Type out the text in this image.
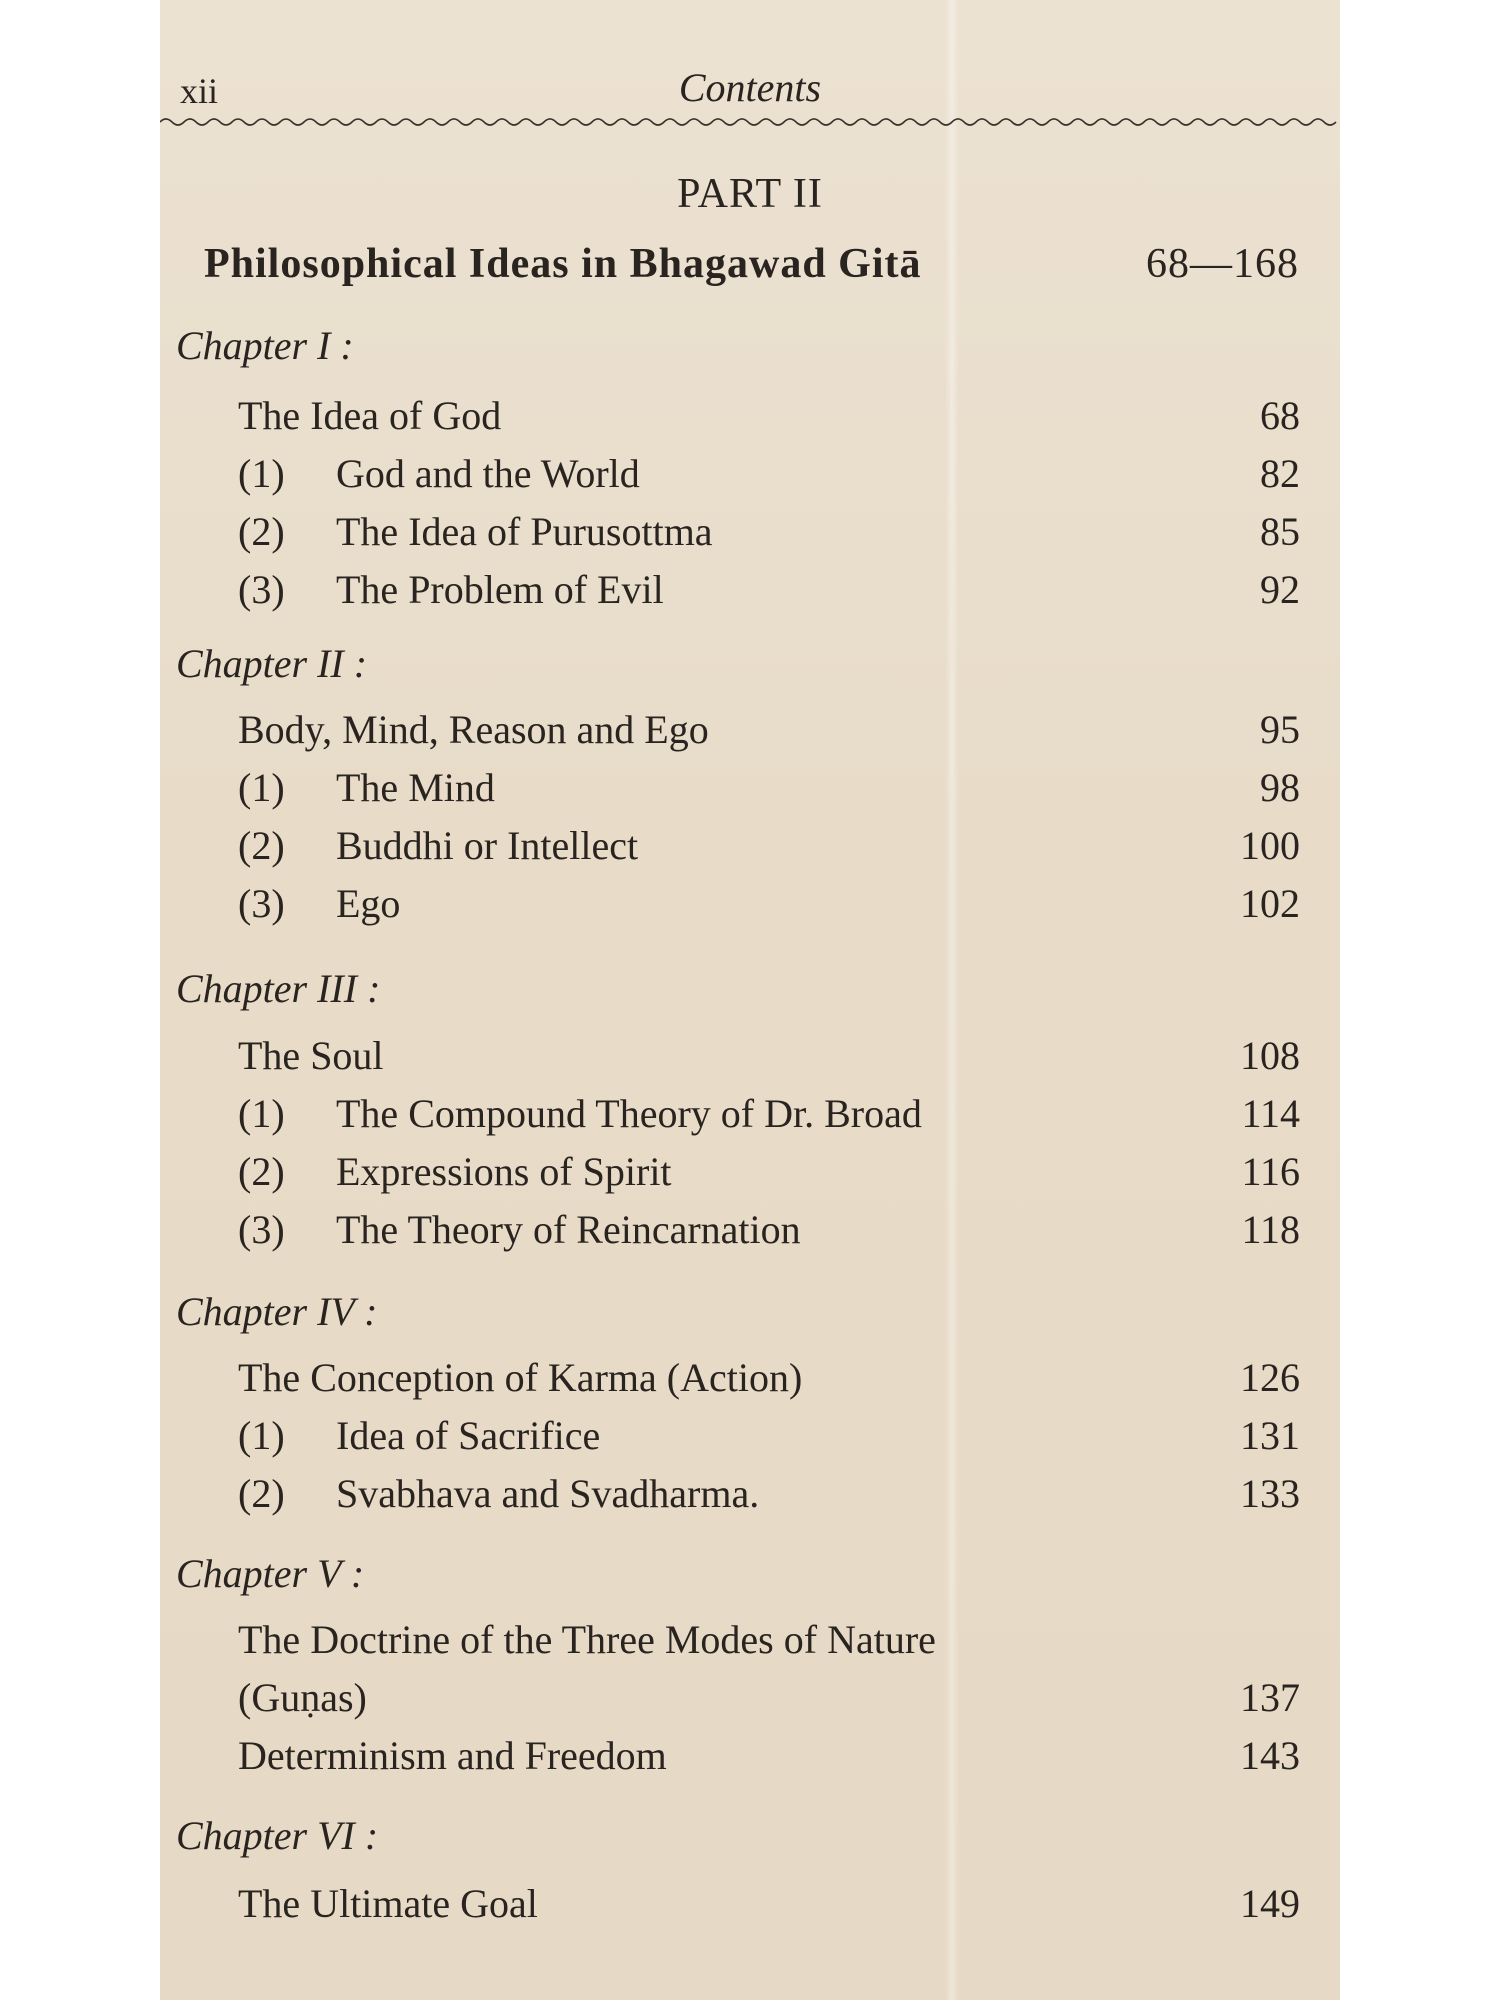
xii	Contents
PART II
Philosophical Ideas in Bhagawad Gitā	68—168
Chapter I :
The Idea of God	68
(1) God and the World	82
(2) The Idea of Purusottma	85
(3) The Problem of Evil	92
Chapter II :
Body, Mind, Reason and Ego	95
(1) The Mind	98
(2) Buddhi or Intellect	100
(3) Ego	102
Chapter III :
The Soul	108
(1) The Compound Theory of Dr. Broad	114
(2) Expressions of Spirit	116
(3) The Theory of Reincarnation	118
Chapter IV :
The Conception of Karma (Action)	126
(1) Idea of Sacrifice	131
(2) Svabhava and Svadharma.	133
Chapter V :
The Doctrine of the Three Modes of Nature
(Guṇas)	137
Determinism and Freedom	143
Chapter VI :
The Ultimate Goal	149
